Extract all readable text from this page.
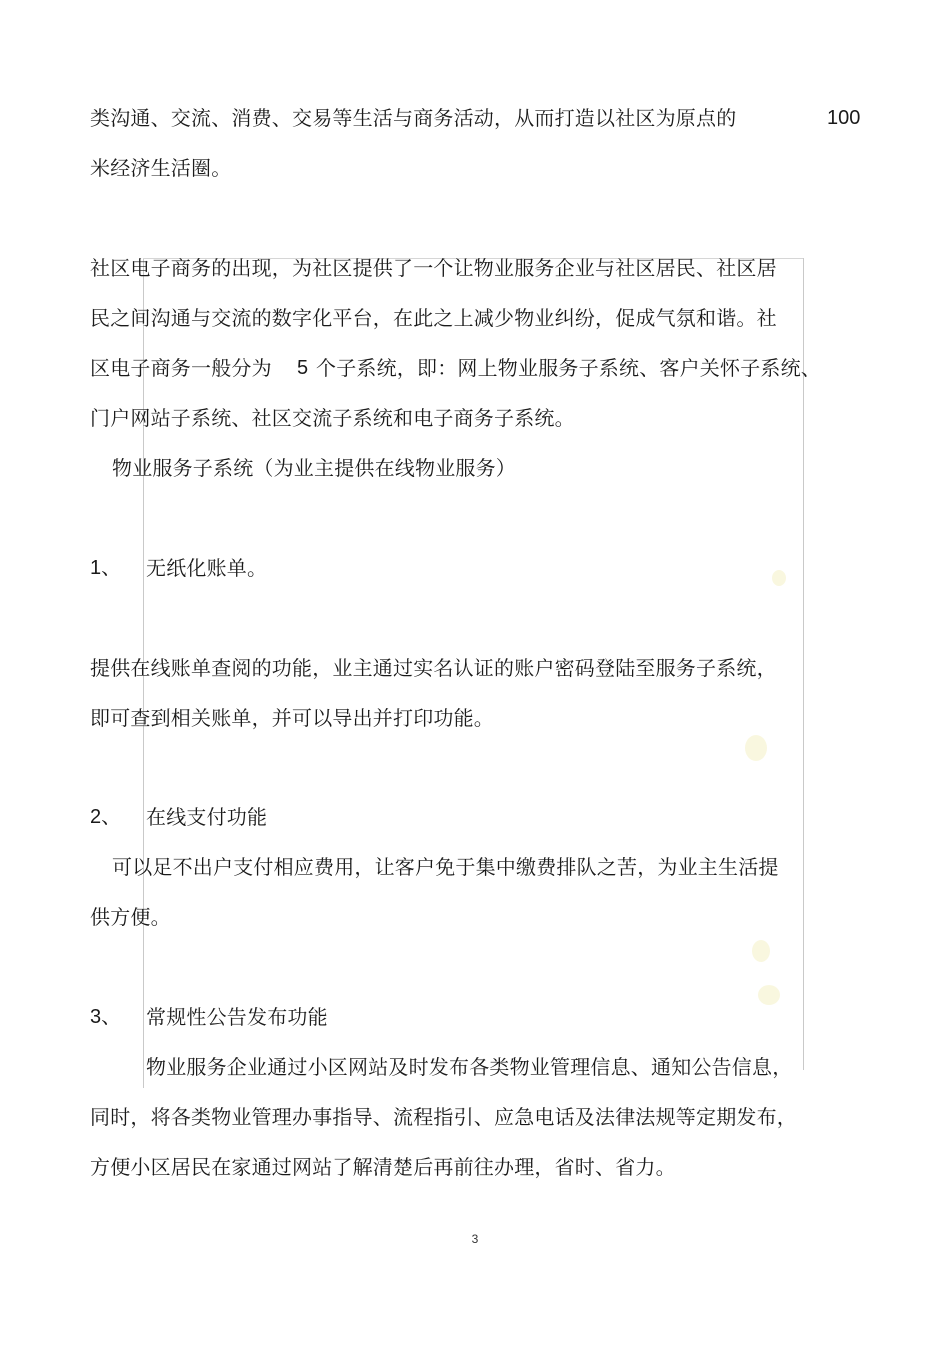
类沟通、交流、消费、交易等生活与商务活动，从而打造以社区为原点的	100
米经济生活圈。
社区电子商务的出现，为社区提供了一个让物业服务企业与社区居民、社区居
民之间沟通与交流的数字化平台，在此之上减少物业纠纷，促成气氛和谐。社
区电子商务一般分为 5 个子系统，即：网上物业服务子系统、客户关怀子系统、
门户网站子系统、社区交流子系统和电子商务子系统。
物业服务子系统（为业主提供在线物业服务）
1、 无纸化账单。
提供在线账单查阅的功能，业主通过实名认证的账户密码登陆至服务子系统，
即可查到相关账单，并可以导出并打印功能。
2、 在线支付功能
可以足不出户支付相应费用，让客户免于集中缴费排队之苦，为业主生活提
供方便。
3、 常规性公告发布功能
物业服务企业通过小区网站及时发布各类物业管理信息、通知公告信息，
同时，将各类物业管理办事指导、流程指引、应急电话及法律法规等定期发布，
方便小区居民在家通过网站了解清楚后再前往办理，省时、省力。
3
